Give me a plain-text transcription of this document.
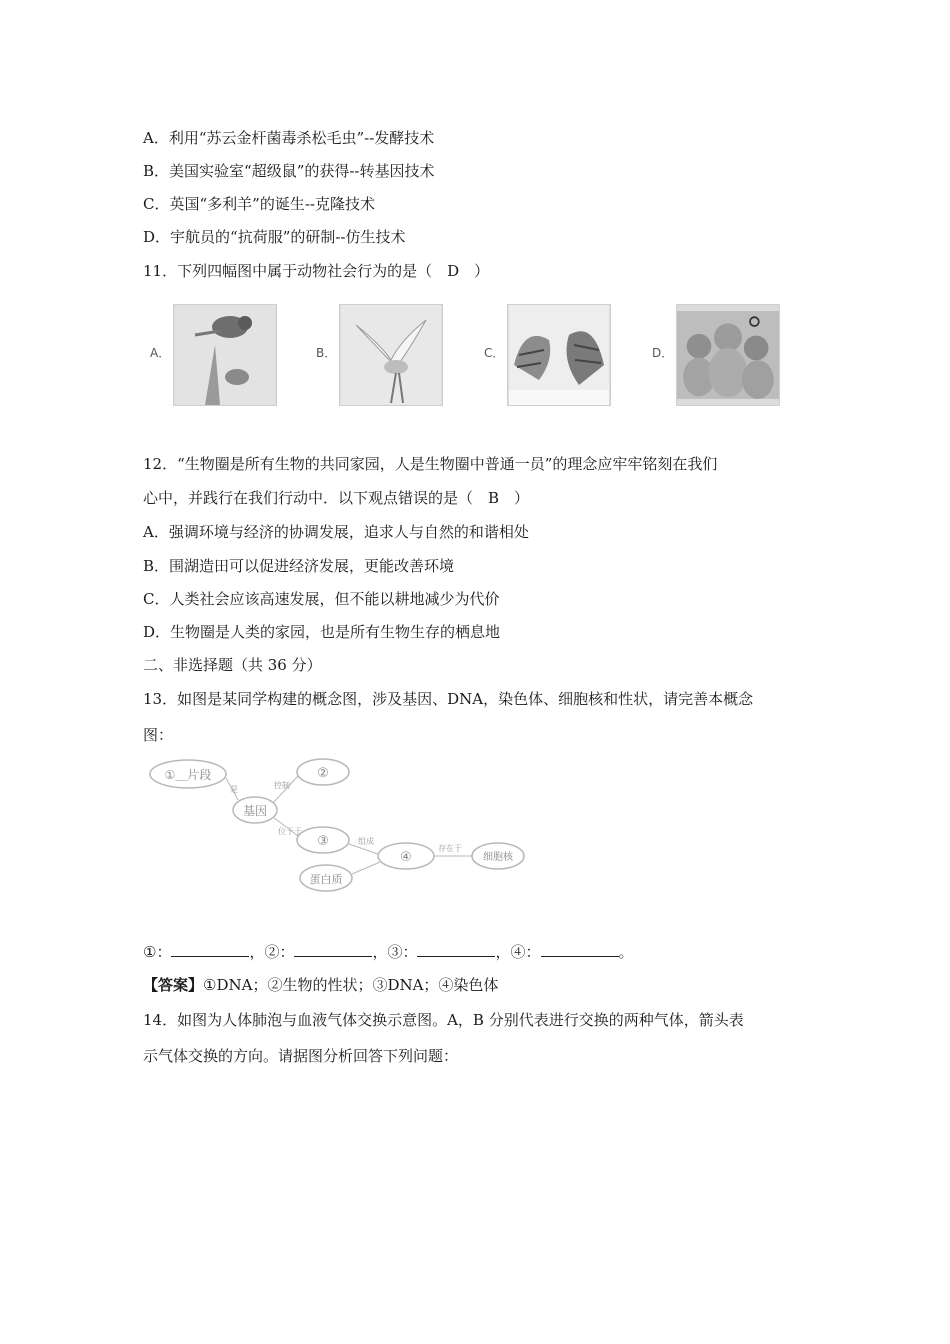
A．利用“苏云金杆菌毒杀松毛虫”--发酵技术
B．美国实验室“超级鼠”的获得--转基因技术
C．英国“多利羊”的诞生--克隆技术
D．宇航员的“抗荷服”的研制--仿生技术
11．下列四幅图中属于动物社会行为的是（　D　）
A．	B．	C．	D．
12．“生物圈是所有生物的共同家园，人是生物圈中普通一员”的理念应牢牢铭刻在我们
心中，并践行在我们行动中．以下观点错误的是（　B　）
A．强调环境与经济的协调发展，追求人与自然的和谐相处
B．围湖造田可以促进经济发展，更能改善环境
C．人类社会应该高速发展，但不能以耕地减少为代价
D．生物圈是人类的家园，也是所有生物生存的栖息地
二、非选择题（共 36 分）
13．如图是某同学构建的概念图，涉及基因、DNA，染色体、细胞核和性状，请完善本概念
图：
①＿片段	②
基因
③
蛋白质
④	细胞核
是	控制
位于于
组成
存在于
①：	，②：	，③：	，④：	。
【答案】①DNA；②生物的性状；③DNA；④染色体
14．如图为人体肺泡与血液气体交换示意图。A，B 分别代表进行交换的两种气体，箭头表
示气体交换的方向。请据图分析回答下列问题：
